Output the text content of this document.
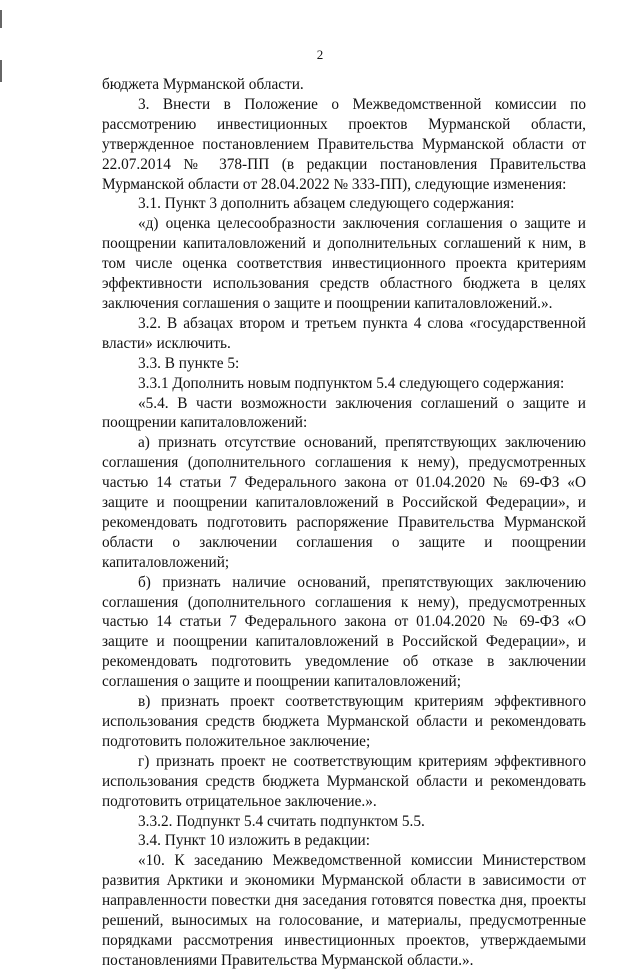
2

бюджета Мурманской области.

3. Внести в Положение о Межведомственной комиссии по рассмотрению инвестиционных проектов Мурманской области, утвержденное постановлением Правительства Мурманской области от 22.07.2014 № 378-ПП (в редакции постановления Правительства Мурманской области от 28.04.2022 № 333-ПП), следующие изменения:

3.1. Пункт 3 дополнить абзацем следующего содержания:

«д) оценка целесообразности заключения соглашения о защите и поощрении капиталовложений и дополнительных соглашений к ним, в том числе оценка соответствия инвестиционного проекта критериям эффективности использования средств областного бюджета в целях заключения соглашения о защите и поощрении капиталовложений.».

3.2. В абзацах втором и третьем пункта 4 слова «государственной власти» исключить.

3.3. В пункте 5:

3.3.1 Дополнить новым подпунктом 5.4 следующего содержания:

«5.4. В части возможности заключения соглашений о защите и поощрении капиталовложений:

а) признать отсутствие оснований, препятствующих заключению соглашения (дополнительного соглашения к нему), предусмотренных частью 14 статьи 7 Федерального закона от 01.04.2020 № 69-ФЗ «О защите и поощрении капиталовложений в Российской Федерации», и рекомендовать подготовить распоряжение Правительства Мурманской области о заключении соглашения о защите и поощрении капиталовложений;

б) признать наличие оснований, препятствующих заключению соглашения (дополнительного соглашения к нему), предусмотренных частью 14 статьи 7 Федерального закона от 01.04.2020 № 69-ФЗ «О защите и поощрении капиталовложений в Российской Федерации», и рекомендовать подготовить уведомление об отказе в заключении соглашения о защите и поощрении капиталовложений;

в) признать проект соответствующим критериям эффективного использования средств бюджета Мурманской области и рекомендовать подготовить положительное заключение;

г) признать проект не соответствующим критериям эффективного использования средств бюджета Мурманской области и рекомендовать подготовить отрицательное заключение.».

3.3.2. Подпункт 5.4 считать подпунктом 5.5.

3.4. Пункт 10 изложить в редакции:

«10. К заседанию Межведомственной комиссии Министерством развития Арктики и экономики Мурманской области в зависимости от направленности повестки дня заседания готовятся повестка дня, проекты решений, выносимых на голосование, и материалы, предусмотренные порядками рассмотрения инвестиционных проектов, утверждаемыми постановлениями Правительства Мурманской области.».
